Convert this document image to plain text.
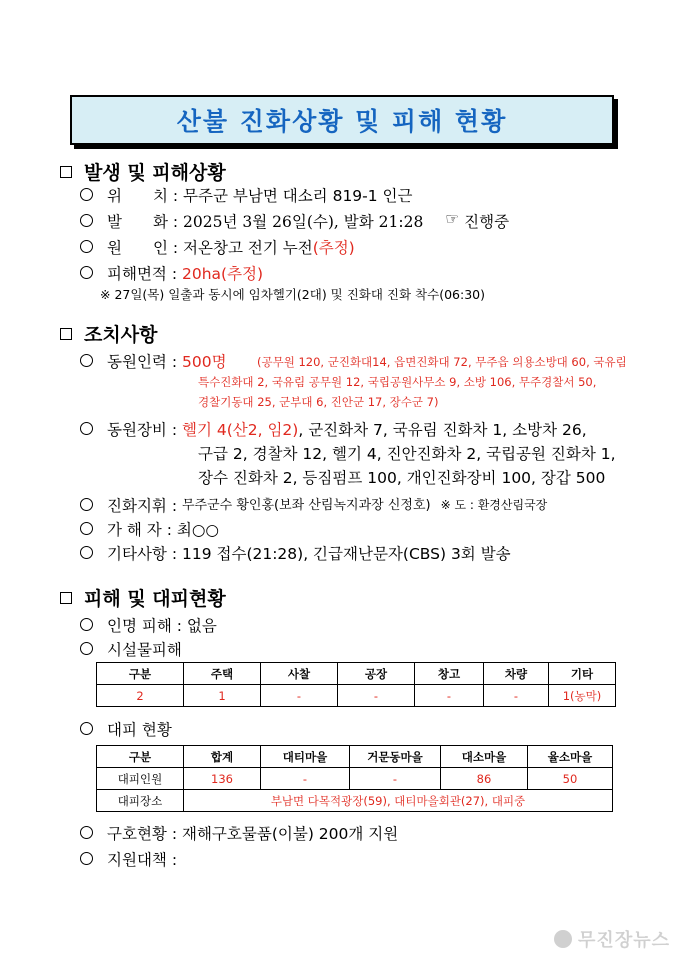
산불 진화상황 및 피해 현황
발생 및 피해상황
위　　치 :
무주군 부남면 대소리 819-1 인근
발　　화 :
2025년 3월 26일(수), 발화 21:28 ☞
진행중
원　　인 :
저온창고 전기 누전 (추정)
피해면적 :
20ha(추정)
※ 27일(목) 일출과 동시에 임차헬기(2대) 및 진화대 진화 착수(06:30)
조치사항
동원인력 :
500명	(공무원 120, 군진화대14, 읍면진화대 72, 무주읍 의용소방대 60, 국유림
특수진화대 2, 국유림 공무원 12, 국립공원사무소 9, 소방 106, 무주경찰서 50,
경찰기동대 25, 군부대 6, 진안군 17, 장수군 7)
동원장비 :
헬기 4(산2, 임2) , 군진화차 7, 국유림 진화차 1, 소방차 26,
구급 2, 경찰차 12, 헬기 4, 진안진화차 2, 국립공원 진화차 1,
장수 진화차 2, 등짐펌프 100, 개인진화장비 100, 장갑 500
진화지휘 :
무주군수 황인홍(보좌 산림녹지과장 신정호) ※ 도 : 환경산림국장
가 해 자 :
최○○
기타사항 :
119 접수(21:28), 긴급재난문자(CBS) 3회 발송
피해 및 대피현황
인명 피해 :
없음
시설물피해
구분	주택	사찰	공장	창고	차량	기타
2	1	-	-	-	-	1(농막)
대피 현황
구분	합계	대티마을	거문동마을	대소마을	율소마을
대피인원	136	-	-	86	50
대피장소	부남면 다목적광장(59), 대티마을회관(27), 대피중				
구호현황 :
재해구호물품(이불) 200개 지원
지원대책 :
무진장뉴스
